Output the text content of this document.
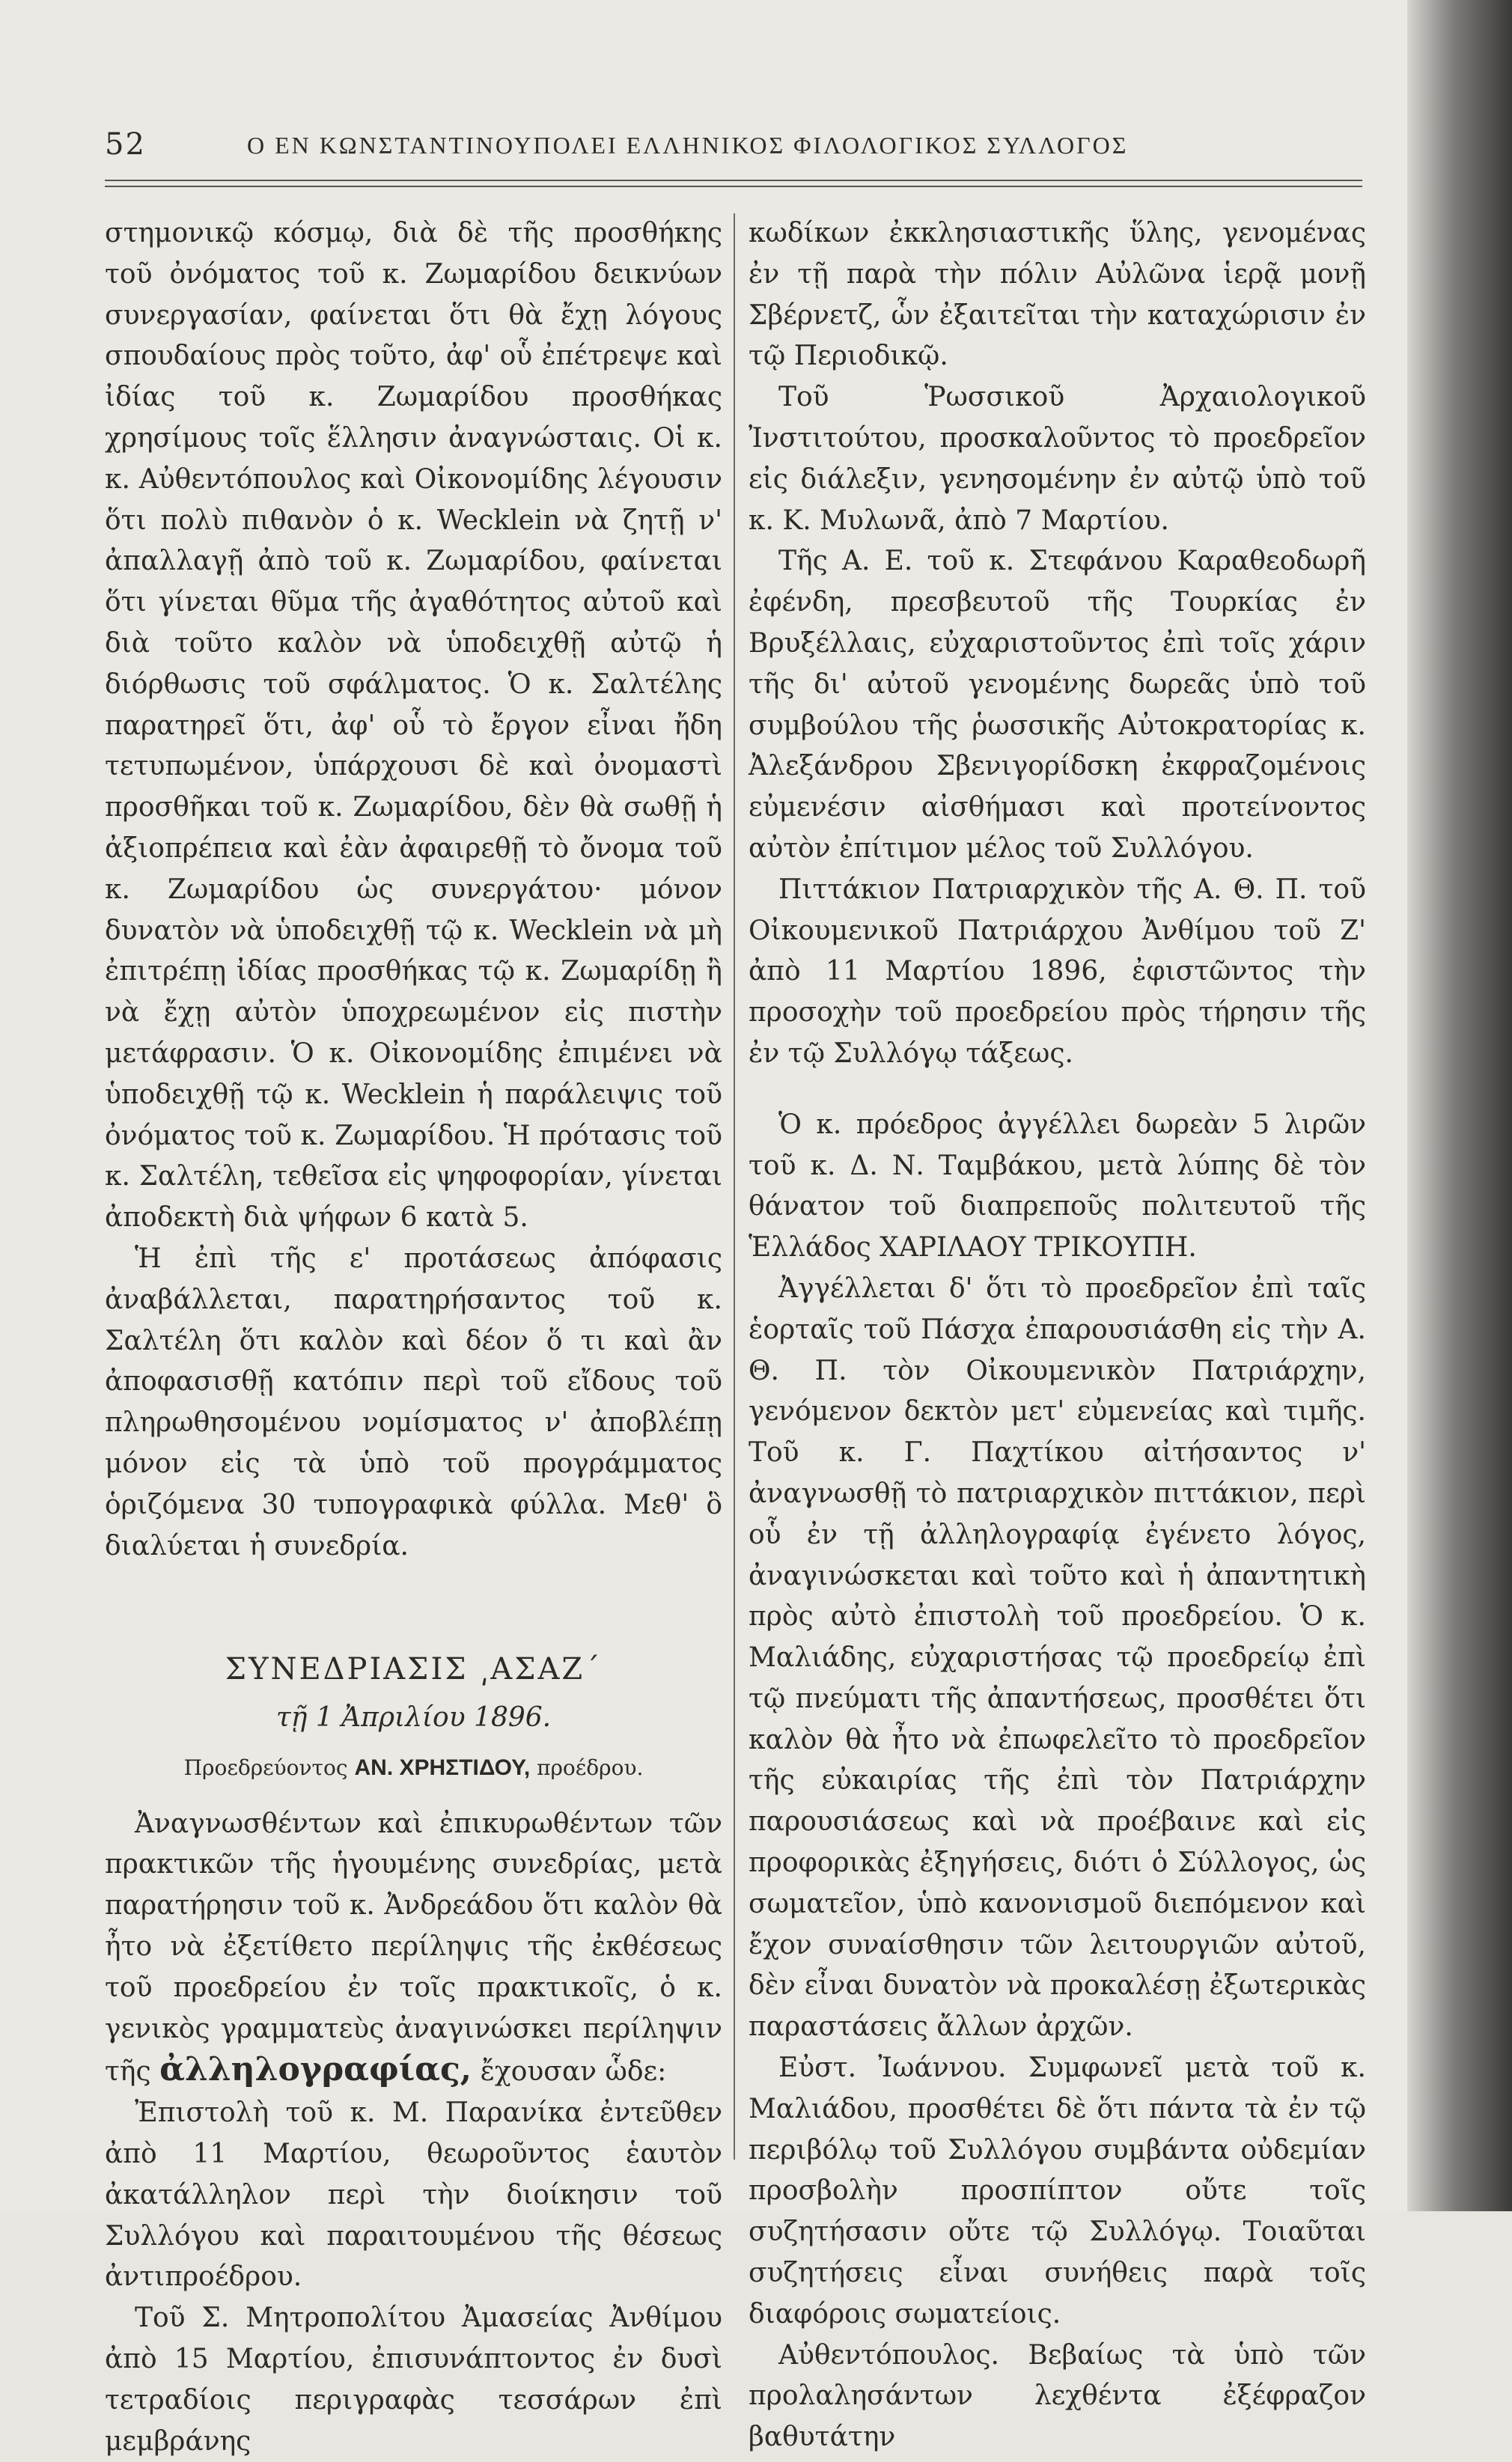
52	Ο ΕΝ ΚΩΝΣΤΑΝΤΙΝΟΥΠΟΛΕΙ ΕΛΛΗΝΙΚΟΣ ΦΙΛΟΛΟΓΙΚΟΣ ΣΥΛΛΟΓΟΣ

στημονικῷ κόσμῳ, διὰ δὲ τῆς προσθήκης τοῦ ὀνόματος τοῦ κ. Ζωμαρίδου δεικνύων συνεργασίαν, φαίνεται ὅτι θὰ ἔχῃ λόγους σπουδαίους πρὸς τοῦτο, ἀφ' οὗ ἐπέτρεψε καὶ ἰδίας τοῦ κ. Ζωμαρίδου προσθήκας χρησίμους τοῖς ἕλλησιν ἀναγνώσταις. Οἱ κ. κ. Αὐθεντόπουλος καὶ Οἰκονομίδης λέγουσιν ὅτι πολὺ πιθανὸν ὁ κ. Wecklein νὰ ζητῇ ν' ἀπαλλαγῇ ἀπὸ τοῦ κ. Ζωμαρίδου, φαίνεται ὅτι γίνεται θῦμα τῆς ἀγαθότητος αὐτοῦ καὶ διὰ τοῦτο καλὸν νὰ ὑποδειχθῇ αὐτῷ ἡ διόρθωσις τοῦ σφάλματος. Ὁ κ. Σαλτέλης παρατηρεῖ ὅτι, ἀφ' οὗ τὸ ἔργον εἶναι ἤδη τετυπωμένον, ὑπάρχουσι δὲ καὶ ὀνομαστὶ προσθῆκαι τοῦ κ. Ζωμαρίδου, δὲν θὰ σωθῇ ἡ ἀξιοπρέπεια καὶ ἐὰν ἀφαιρεθῇ τὸ ὄνομα τοῦ κ. Ζωμαρίδου ὡς συνεργάτου· μόνον δυνατὸν νὰ ὑποδειχθῇ τῷ κ. Wecklein νὰ μὴ ἐπιτρέπῃ ἰδίας προσθήκας τῷ κ. Ζωμαρίδῃ ἢ νὰ ἔχῃ αὐτὸν ὑποχρεωμένον εἰς πιστὴν μετάφρασιν. Ὁ κ. Οἰκονομίδης ἐπιμένει νὰ ὑποδειχθῇ τῷ κ. Wecklein ἡ παράλειψις τοῦ ὀνόματος τοῦ κ. Ζωμαρίδου. Ἡ πρότασις τοῦ κ. Σαλτέλη, τεθεῖσα εἰς ψηφοφορίαν, γίνεται ἀποδεκτὴ διὰ ψήφων 6 κατὰ 5.

Ἡ ἐπὶ τῆς ε' προτάσεως ἀπόφασις ἀναβάλλεται, παρατηρήσαντος τοῦ κ. Σαλτέλη ὅτι καλὸν καὶ δέον ὅ τι καὶ ἂν ἀποφασισθῇ κατόπιν περὶ τοῦ εἴδους τοῦ πληρωθησομένου νομίσματος ν' ἀποβλέπῃ μόνον εἰς τὰ ὑπὸ τοῦ προγράμματος ὁριζόμενα 30 τυπογραφικὰ φύλλα. Μεθ' ὃ διαλύεται ἡ συνεδρία.

ΣΥΝΕΔΡΙΑΣΙΣ ͵ΑΣΑΖ΄
τῇ 1 Ἀπριλίου 1896.
Προεδρεύοντος ΑΝ. ΧΡΗΣΤΙΔΟΥ, προέδρου.

Ἀναγνωσθέντων καὶ ἐπικυρωθέντων τῶν πρακτικῶν τῆς ἡγουμένης συνεδρίας, μετὰ παρατήρησιν τοῦ κ. Ἀνδρεάδου ὅτι καλὸν θὰ ἦτο νὰ ἐξετίθετο περίληψις τῆς ἐκθέσεως τοῦ προεδρείου ἐν τοῖς πρακτικοῖς, ὁ κ. γενικὸς γραμματεὺς ἀναγινώσκει περίληψιν τῆς ἀλληλογραφίας, ἔχουσαν ὧδε:

Ἐπιστολὴ τοῦ κ. Μ. Παρανίκα ἐντεῦθεν ἀπὸ 11 Μαρτίου, θεωροῦντος ἑαυτὸν ἀκατάλληλον περὶ τὴν διοίκησιν τοῦ Συλλόγου καὶ παραιτουμένου τῆς θέσεως ἀντιπροέδρου.

Τοῦ Σ. Μητροπολίτου Ἀμασείας Ἀνθίμου ἀπὸ 15 Μαρτίου, ἐπισυνάπτοντος ἐν δυσὶ τετραδίοις περιγραφὰς τεσσάρων ἐπὶ μεμβράνης

κωδίκων ἐκκλησιαστικῆς ὕλης, γενομένας ἐν τῇ παρὰ τὴν πόλιν Αὐλῶνα ἱερᾷ μονῇ Σβέρνετζ, ὧν ἐξαιτεῖται τὴν καταχώρισιν ἐν τῷ Περιοδικῷ.

Τοῦ Ῥωσσικοῦ Ἀρχαιολογικοῦ Ἰνστιτούτου, προσκαλοῦντος τὸ προεδρεῖον εἰς διάλεξιν, γενησομένην ἐν αὐτῷ ὑπὸ τοῦ κ. Κ. Μυλωνᾶ, ἀπὸ 7 Μαρτίου.

Τῆς Α. Ε. τοῦ κ. Στεφάνου Καραθεοδωρῆ ἐφένδη, πρεσβευτοῦ τῆς Τουρκίας ἐν Βρυξέλλαις, εὐχαριστοῦντος ἐπὶ τοῖς χάριν τῆς δι' αὐτοῦ γενομένης δωρεᾶς ὑπὸ τοῦ συμβούλου τῆς ῥωσσικῆς Αὐτοκρατορίας κ. Ἀλεξάνδρου Σβενιγορίδσκη ἐκφραζομένοις εὐμενέσιν αἰσθήμασι καὶ προτείνοντος αὐτὸν ἐπίτιμον μέλος τοῦ Συλλόγου.

Πιττάκιον Πατριαρχικὸν τῆς Α. Θ. Π. τοῦ Οἰκουμενικοῦ Πατριάρχου Ἀνθίμου τοῦ Ζ' ἀπὸ 11 Μαρτίου 1896, ἐφιστῶντος τὴν προσοχὴν τοῦ προεδρείου πρὸς τήρησιν τῆς ἐν τῷ Συλλόγῳ τάξεως.

Ὁ κ. πρόεδρος ἀγγέλλει δωρεὰν 5 λιρῶν τοῦ κ. Δ. Ν. Ταμβάκου, μετὰ λύπης δὲ τὸν θάνατον τοῦ διαπρεποῦς πολιτευτοῦ τῆς Ἑλλάδος ΧΑΡΙΛΑΟΥ ΤΡΙΚΟΥΠΗ.

Ἀγγέλλεται δ' ὅτι τὸ προεδρεῖον ἐπὶ ταῖς ἑορταῖς τοῦ Πάσχα ἐπαρουσιάσθη εἰς τὴν Α. Θ. Π. τὸν Οἰκουμενικὸν Πατριάρχην, γενόμενον δεκτὸν μετ' εὐμενείας καὶ τιμῆς. Τοῦ κ. Γ. Παχτίκου αἰτήσαντος ν' ἀναγνωσθῇ τὸ πατριαρχικὸν πιττάκιον, περὶ οὗ ἐν τῇ ἀλληλογραφίᾳ ἐγένετο λόγος, ἀναγινώσκεται καὶ τοῦτο καὶ ἡ ἀπαντητικὴ πρὸς αὐτὸ ἐπιστολὴ τοῦ προεδρείου. Ὁ κ. Μαλιάδης, εὐχαριστήσας τῷ προεδρείῳ ἐπὶ τῷ πνεύματι τῆς ἀπαντήσεως, προσθέτει ὅτι καλὸν θὰ ἦτο νὰ ἐπωφελεῖτο τὸ προεδρεῖον τῆς εὐκαιρίας τῆς ἐπὶ τὸν Πατριάρχην παρουσιάσεως καὶ νὰ προέβαινε καὶ εἰς προφορικὰς ἐξηγήσεις, διότι ὁ Σύλλογος, ὡς σωματεῖον, ὑπὸ κανονισμοῦ διεπόμενον καὶ ἔχον συναίσθησιν τῶν λειτουργιῶν αὐτοῦ, δὲν εἶναι δυνατὸν νὰ προκαλέσῃ ἐξωτερικὰς παραστάσεις ἄλλων ἀρχῶν.

Εὐστ. Ἰωάννου. Συμφωνεῖ μετὰ τοῦ κ. Μαλιάδου, προσθέτει δὲ ὅτι πάντα τὰ ἐν τῷ περιβόλῳ τοῦ Συλλόγου συμβάντα οὐδεμίαν προσβολὴν προσπίπτον οὔτε τοῖς συζητήσασιν οὔτε τῷ Συλλόγῳ. Τοιαῦται συζητήσεις εἶναι συνήθεις παρὰ τοῖς διαφόροις σωματείοις.

Αὐθεντόπουλος. Βεβαίως τὰ ὑπὸ τῶν προλαλησάντων λεχθέντα ἐξέφραζον βαθυτάτην
